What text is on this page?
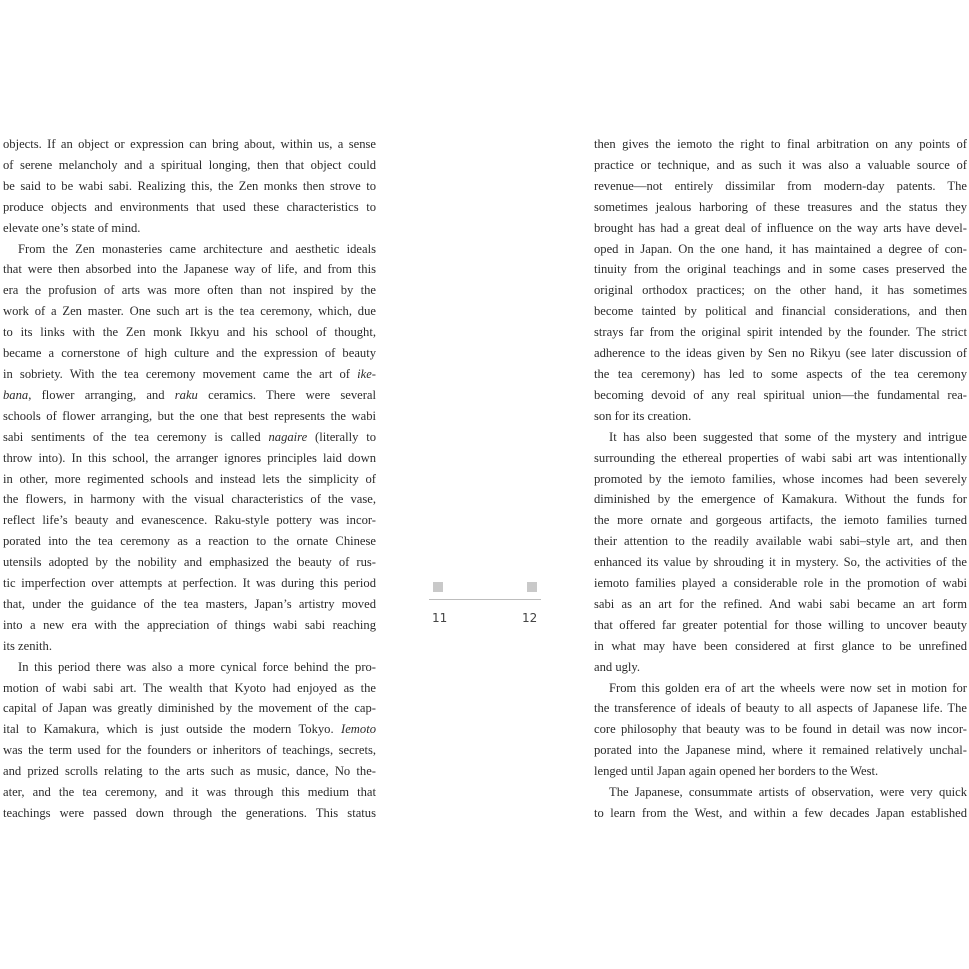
objects. If an object or expression can bring about, within us, a sense
of serene melancholy and a spiritual longing, then that object could
be said to be wabi sabi. Realizing this, the Zen monks then strove to
produce objects and environments that used these characteristics to
elevate one’s state of mind.
From the Zen monasteries came architecture and aesthetic ideals
that were then absorbed into the Japanese way of life, and from this
era the profusion of arts was more often than not inspired by the
work of a Zen master. One such art is the tea ceremony, which, due
to its links with the Zen monk Ikkyu and his school of thought,
became a cornerstone of high culture and the expression of beauty
in sobriety. With the tea ceremony movement came the art of ike-
bana, flower arranging, and raku ceramics. There were several
schools of flower arranging, but the one that best represents the wabi
sabi sentiments of the tea ceremony is called nagaire (literally to
throw into). In this school, the arranger ignores principles laid down
in other, more regimented schools and instead lets the simplicity of
the flowers, in harmony with the visual characteristics of the vase,
reflect life’s beauty and evanescence. Raku-style pottery was incor-
porated into the tea ceremony as a reaction to the ornate Chinese
utensils adopted by the nobility and emphasized the beauty of rus-
tic imperfection over attempts at perfection. It was during this period
that, under the guidance of the tea masters, Japan’s artistry moved
into a new era with the appreciation of things wabi sabi reaching
its zenith.
In this period there was also a more cynical force behind the pro-
motion of wabi sabi art. The wealth that Kyoto had enjoyed as the
capital of Japan was greatly diminished by the movement of the cap-
ital to Kamakura, which is just outside the modern Tokyo. Iemoto
was the term used for the founders or inheritors of teachings, secrets,
and prized scrolls relating to the arts such as music, dance, No the-
ater, and the tea ceremony, and it was through this medium that
teachings were passed down through the generations. This status
11	12
then gives the iemoto the right to final arbitration on any points of
practice or technique, and as such it was also a valuable source of
revenue—not entirely dissimilar from modern-day patents. The
sometimes jealous harboring of these treasures and the status they
brought has had a great deal of influence on the way arts have devel-
oped in Japan. On the one hand, it has maintained a degree of con-
tinuity from the original teachings and in some cases preserved the
original orthodox practices; on the other hand, it has sometimes
become tainted by political and financial considerations, and then
strays far from the original spirit intended by the founder. The strict
adherence to the ideas given by Sen no Rikyu (see later discussion of
the tea ceremony) has led to some aspects of the tea ceremony
becoming devoid of any real spiritual union—the fundamental rea-
son for its creation.
It has also been suggested that some of the mystery and intrigue
surrounding the ethereal properties of wabi sabi art was intentionally
promoted by the iemoto families, whose incomes had been severely
diminished by the emergence of Kamakura. Without the funds for
the more ornate and gorgeous artifacts, the iemoto families turned
their attention to the readily available wabi sabi–style art, and then
enhanced its value by shrouding it in mystery. So, the activities of the
iemoto families played a considerable role in the promotion of wabi
sabi as an art for the refined. And wabi sabi became an art form
that offered far greater potential for those willing to uncover beauty
in what may have been considered at first glance to be unrefined
and ugly.
From this golden era of art the wheels were now set in motion for
the transference of ideals of beauty to all aspects of Japanese life. The
core philosophy that beauty was to be found in detail was now incor-
porated into the Japanese mind, where it remained relatively unchal-
lenged until Japan again opened her borders to the West.
The Japanese, consummate artists of observation, were very quick
to learn from the West, and within a few decades Japan established
